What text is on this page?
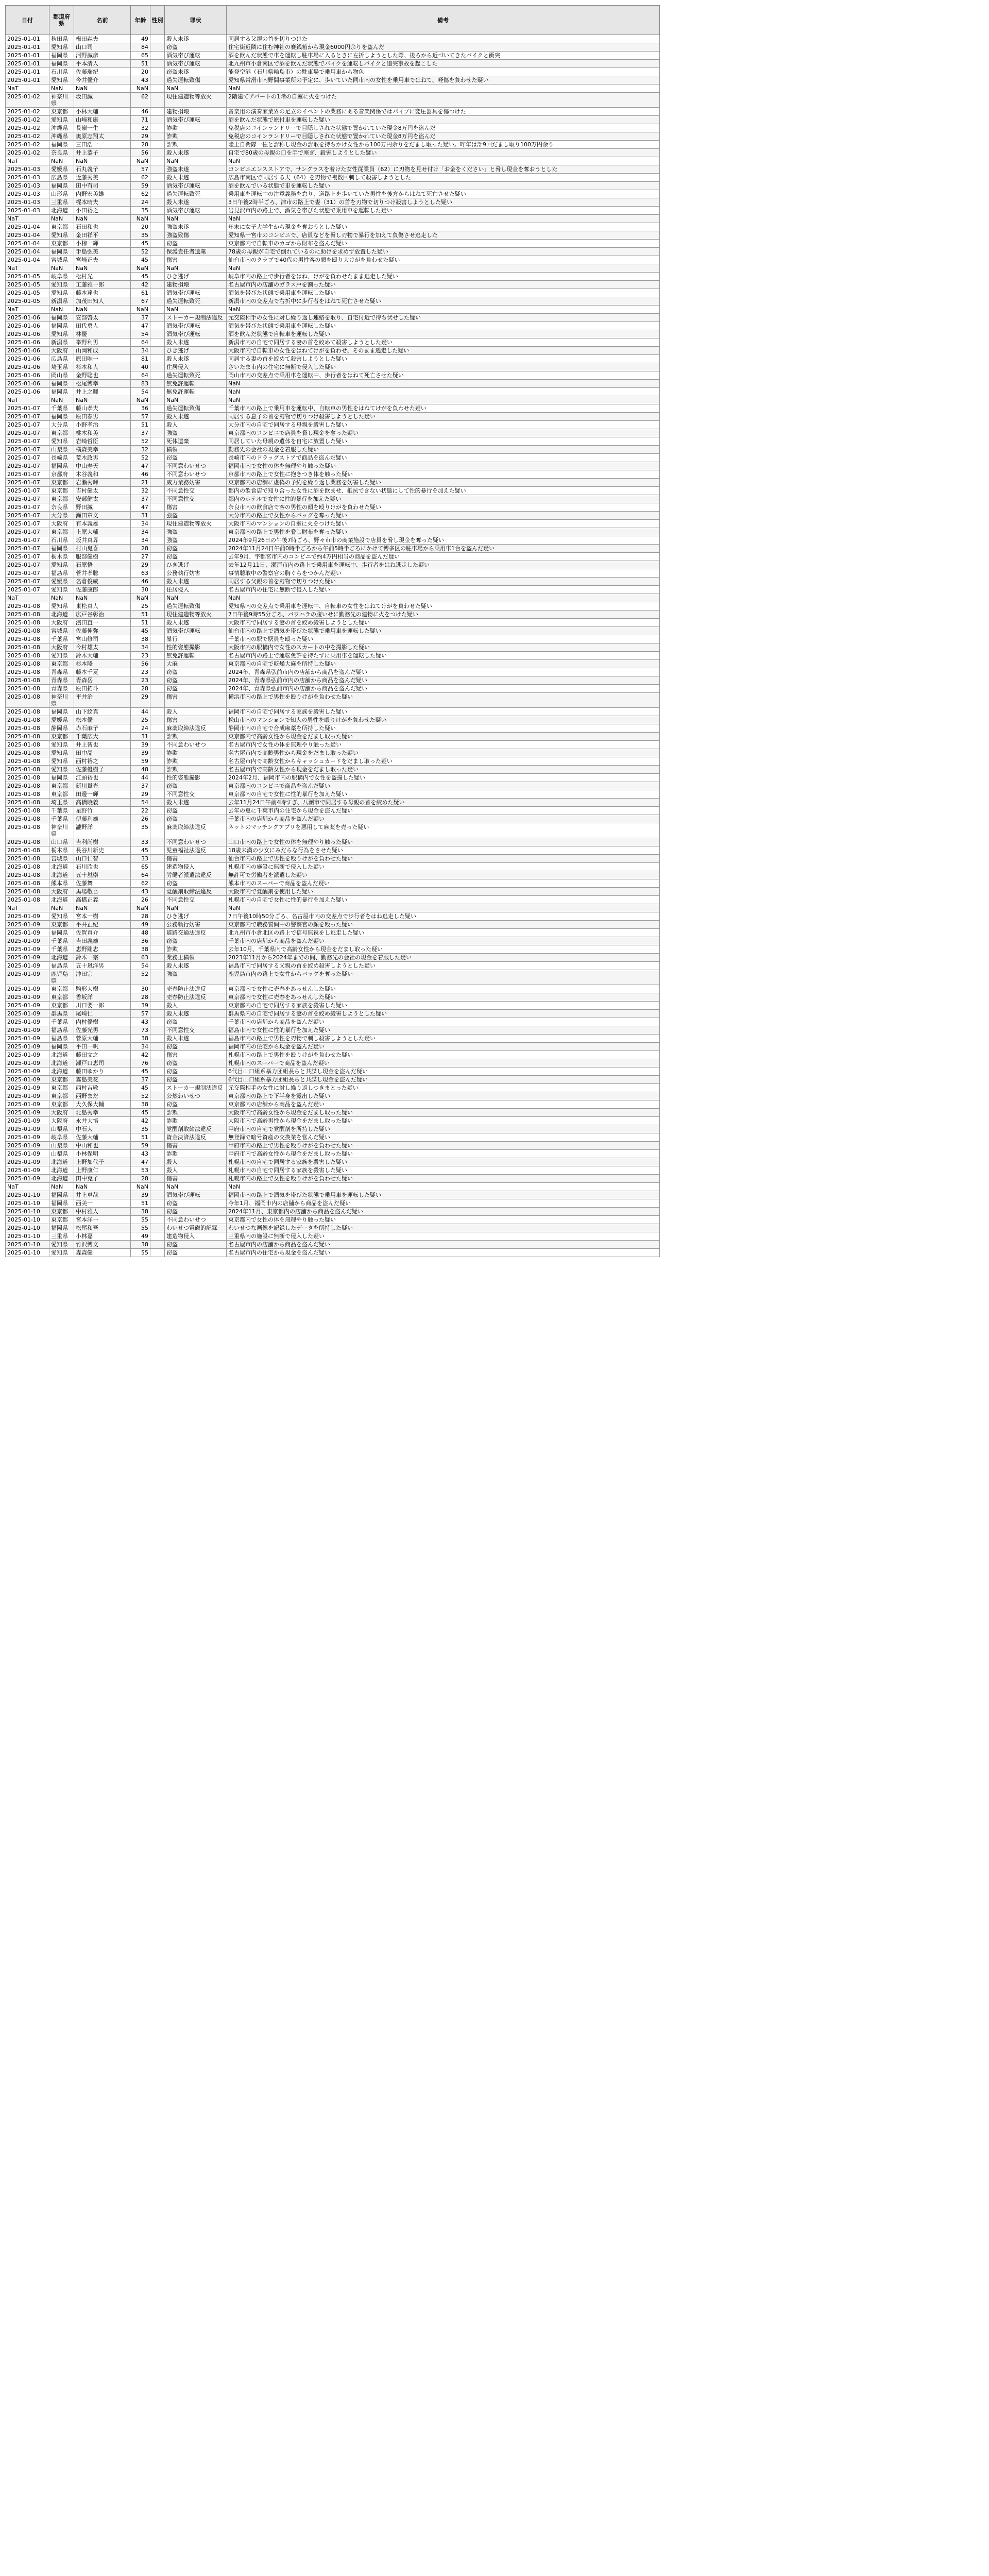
日付	都道府県	名前	年齢	性別	罪状	備考
2025-01-01	秋田県	梅田森夫	49		殺人未遂	同居する父親の首を切りつけた
2025-01-01	愛知県	山口司	84		窃盗	住宅街近隣に住む神社の賽銭箱から現金6000円余りを盗んだ
2025-01-01	福岡県	河野誠彦	65		酒気帯び運転	酒を飲んだ状態で車を運転し駐車場に入るときに左折しようとした際、後ろから近づいてきたバイクと衝突
2025-01-01	福岡県	平本清人	51		酒気帯び運転	北九州市小倉南区で酒を飲んだ状態でバイクを運転しバイクと追突事故を起こした
2025-01-01	石川県	佐藤瑞紀	20		窃盗未遂	能登空港（石川県輪島市）の駐車場で乗用車から物色
2025-01-01	愛知県	今井優介	43		過失運転致傷	愛知県常滑市内野間事業所の予定に、歩いていた同市内の女性を乗用車ではねて、軽傷を負わせた疑い
NaT	NaN	NaN	NaN		NaN	NaN
2025-01-02	神奈川県	坂田誠	62		現住建造物等放火	2階建てアパートの1階の自室に火をつけた
2025-01-02	東京都	小林大輔	46		建物損壊	音楽用の演奏家業界の足立のイベントの業務にある音楽関係ではパイプに変圧器具を傷つけた
2025-01-02	愛知県	山崎和康	71		酒気帯び運転	酒を飲んだ状態で原付車を運転した疑い
2025-01-02	沖縄県	長嶺一生	32		詐欺	免税店のコインランドリーで目隠しされた状態で置かれていた現金8万円を盗んだ
2025-01-02	沖縄県	奥原志翔太	29		詐欺	免税店のコインランドリーで目隠しされた状態で置かれていた現金8万円を盗んだ
2025-01-02	福岡県	三田浩一	28		詐欺	陸上自衛隊一佐と詐称し現金の詐取を持ちかけ女性から100万円余りをだまし取った疑い。昨年は計9回だまし取り100万円余り
2025-01-02	奈良県	井上恭子	56		殺人未遂	自宅で80歳の母親の口を手で塞ぎ、殺害しようとした疑い
NaT	NaN	NaN	NaN		NaN	NaN
2025-01-03	愛媛県	石丸義子	57		強盗未遂	コンビニエンスストアで、サングラスを着けた女性従業員（62）に刃物を見せ付け「お金をください」と脅し現金を奪おうとした
2025-01-03	広島県	近藤秀美	62		殺人未遂	広島市南区で同居する夫（64）を刃物で複数回刺して殺害しようとした
2025-01-03	福岡県	田中有司	59		酒気帯び運転	酒を飲んでいる状態で車を運転した疑い
2025-01-03	山形県	内野宏美雄	62		過失運転致死	乗用車を運転中の注意義務を怠り、道路上を歩いていた男性を後方からはねて死亡させた疑い
2025-01-03	三重県	梶本晴夫	24		殺人未遂	3日午後2時半ごろ、津市の路上で妻（31）の首を刃物で切りつけ殺害しようとした疑い
2025-01-03	北海道	小田裕之	35		酒気帯び運転	岩見沢市内の路上で、酒気を帯びた状態で乗用車を運転した疑い
NaT	NaN	NaN	NaN		NaN	NaN
2025-01-04	東京都	石田和也	20		強盗未遂	年末に女子大学生から現金を奪おうとした疑い
2025-01-04	愛知県	金田祥平	35		強盗致傷	愛知県一宮市のコンビニで、店員などを脅し刃物で暴行を加えて負傷させ逃走した
2025-01-04	東京都	小椋一輝	45		窃盗	東京都内で自転車のカゴから財布を盗んだ疑い
2025-01-04	福岡県	手島弘美	52		保護責任者遺棄	78歳の母親が自宅で倒れているのに助けを求めず放置した疑い
2025-01-04	宮城県	宮崎正夫	45		傷害	仙台市内のクラブで40代の男性客の顔を殴り大けがを負わせた疑い
NaT	NaN	NaN	NaN		NaN	NaN
2025-01-05	岐阜県	松村光	45		ひき逃げ	岐阜市内の路上で歩行者をはね、けがを負わせたまま逃走した疑い
2025-01-05	愛知県	工藤雅一郎	42		建物損壊	名古屋市内の店舗のガラス戸を割った疑い
2025-01-05	愛知県	藤本達也	61		酒気帯び運転	酒気を帯びた状態で乗用車を運転した疑い
2025-01-05	新潟県	加茂田知人	67		過失運転致死	新潟市内の交差点で右折中に歩行者をはねて死亡させた疑い
NaT	NaN	NaN	NaN		NaN	NaN
2025-01-06	福岡県	安部啓太	37		ストーカー規制法違反	元交際相手の女性に対し繰り返し連絡を取り、自宅付近で待ち伏せした疑い
2025-01-06	福岡県	田代勇人	47		酒気帯び運転	酒気を帯びた状態で乗用車を運転した疑い
2025-01-06	愛知県	林優	54		酒気帯び運転	酒を飲んだ状態で自転車を運転した疑い
2025-01-06	新潟県	峯野利男	64		殺人未遂	新潟市内の自宅で同居する妻の首を絞めて殺害しようとした疑い
2025-01-06	大阪府	山岡和成	34		ひき逃げ	大阪市内で自転車の女性をはねてけがを負わせ、そのまま逃走した疑い
2025-01-06	広島県	原田唯一	81		殺人未遂	同居する妻の首を絞めて殺害しようとした疑い
2025-01-06	埼玉県	杉本和人	40		住居侵入	さいたま市内の住宅に無断で侵入した疑い
2025-01-06	岡山県	金野聡也	64		過失運転致死	岡山市内の交差点で乗用車を運転中、歩行者をはねて死亡させた疑い
2025-01-06	福岡県	松尾博幸	83		無免許運転	NaN
2025-01-06	福岡県	井上之暉	54		無免許運転	NaN
NaT	NaN	NaN	NaN		NaN	NaN
2025-01-07	千葉県	藤山孝夫	36		過失運転致傷	千葉市内の路上で乗用車を運転中、自転車の男性をはねてけがを負わせた疑い
2025-01-07	福岡県	原田春男	57		殺人未遂	同居する息子の首を刃物で切りつけ殺害しようとした疑い
2025-01-07	大分県	小野孝治	51		殺人	大分市内の自宅で同居する母親を殺害した疑い
2025-01-07	東京都	桃木和美	37		強盗	東京都内のコンビニで店員を脅し現金を奪った疑い
2025-01-07	愛知県	岩崎哲臣	52		死体遺棄	同居していた母親の遺体を自宅に放置した疑い
2025-01-07	山梨県	横森美幸	32		横領	勤務先の会社の現金を着服した疑い
2025-01-07	長崎県	荒木政男	52		窃盗	長崎市内のドラッグストアで商品を盗んだ疑い
2025-01-07	福岡県	中山寿天	47		不同意わいせつ	福岡市内で女性の体を無理やり触った疑い
2025-01-07	京都府	木谷義和	46		不同意わいせつ	京都市内の路上で女性に抱きつき体を触った疑い
2025-01-07	東京都	岩瀬秀暉	21		威力業務妨害	東京都内の店舗に虚偽の予約を繰り返し業務を妨害した疑い
2025-01-07	東京都	吉村健太	32		不同意性交	都内の飲食店で知り合った女性に酒を飲ませ、抵抗できない状態にして性的暴行を加えた疑い
2025-01-07	東京都	安部健太	37		不同意性交	都内のホテルで女性に性的暴行を加えた疑い
2025-01-07	奈良県	野田誠	47		傷害	奈良市内の飲食店で客の男性の顔を殴りけがを負わせた疑い
2025-01-07	大分県	瀬田章文	31		強盗	大分市内の路上で女性からバッグを奪った疑い
2025-01-07	大阪府	有本義雄	34		現住建造物等放火	大阪市内のマンションの自室に火をつけた疑い
2025-01-07	東京都	上原大輔	34		強盗	東京都内の路上で男性を脅し財布を奪った疑い
2025-01-07	石川県	坂井真昇	34		強盗	2024年9月26日の午後7時ごろ、野々市市の商業施設で店員を脅し現金を奪った疑い
2025-01-07	福岡県	村山鬼喜	28		窃盗	2024年11月24日午前0時半ごろから午前5時半ごろにかけて博多区の駐車場から乗用車1台を盗んだ疑い
2025-01-07	栃木県	服部健樹	27		窃盗	去年9月、宇都宮市内のコンビニで約4万円相当の商品を盗んだ疑い
2025-01-07	愛知県	石原悟	29		ひき逃げ	去年12月11日、瀬戸市内の路上で乗用車を運転中、歩行者をはね逃走した疑い
2025-01-07	福島県	菅井孝聡	63		公務執行妨害	事情聴取中の警察官の胸ぐらをつかんだ疑い
2025-01-07	愛媛県	名倉俊威	46		殺人未遂	同居する父親の首を刃物で切りつけた疑い
2025-01-07	愛知県	佐藤康郎	30		住居侵入	名古屋市内の住宅に無断で侵入した疑い
NaT	NaN	NaN	NaN		NaN	NaN
2025-01-08	愛知県	東松真人	25		過失運転致傷	愛知県内の交差点で乗用車を運転中、自転車の女性をはねてけがを負わせた疑い
2025-01-08	北海道	広戸谷彰治	51		現住建造物等放火	7日午後9時55分ごろ、パワハラの腹いせに勤務先の建物に火をつけた疑い
2025-01-08	大阪府	濱田直一	51		殺人未遂	大阪市内で同居する妻の首を絞め殺害しようとした疑い
2025-01-08	宮城県	佐藤伸弥	45		酒気帯び運転	仙台市内の路上で酒気を帯びた状態で乗用車を運転した疑い
2025-01-08	千葉県	宮山修司	38		暴行	千葉市内の駅で駅員を殴った疑い
2025-01-08	大阪府	今村雄太	34		性的姿態撮影	大阪市内の駅構内で女性のスカートの中を撮影した疑い
2025-01-08	愛知県	鈴木大輔	23		無免許運転	名古屋市内の路上で運転免許を持たずに乗用車を運転した疑い
2025-01-08	東京都	杉本隆	56		大麻	東京都内の自宅で乾燥大麻を所持した疑い
2025-01-08	青森県	藤本千夏	23		窃盗	2024年、青森県弘前市内の店舗から商品を盗んだ疑い
2025-01-08	青森県	青森岳	23		窃盗	2024年、青森県弘前市内の店舗から商品を盗んだ疑い
2025-01-08	青森県	原田拓斗	28		窃盗	2024年、青森県弘前市内の店舗から商品を盗んだ疑い
2025-01-08	神奈川県	平井治	29		傷害	横浜市内の路上で男性を殴りけがを負わせた疑い
2025-01-08	福岡県	山下絵真	44		殺人	福岡市内の自宅で同居する家族を殺害した疑い
2025-01-08	愛媛県	松本優	25		傷害	松山市内のマンションで知人の男性を殴りけがを負わせた疑い
2025-01-08	静岡県	赤石麻子	24		麻薬取締法違反	静岡市内の自宅で合成麻薬を所持した疑い
2025-01-08	東京都	千葉広大	31		詐欺	東京都内で高齢女性から現金をだまし取った疑い
2025-01-08	愛知県	井上智也	39		不同意わいせつ	名古屋市内で女性の体を無理やり触った疑い
2025-01-08	愛知県	田中晶	39		詐欺	名古屋市内で高齢男性から現金をだまし取った疑い
2025-01-08	愛知県	西村裕之	59		詐欺	名古屋市内で高齢女性からキャッシュカードをだまし取った疑い
2025-01-08	愛知県	佐藤優樹子	48		詐欺	名古屋市内で高齢女性から現金をだまし取った疑い
2025-01-08	福岡県	江頭裕也	44		性的姿態撮影	2024年2月、福岡市内の駅構内で女性を盗撮した疑い
2025-01-08	東京都	新川貴光	37		窃盗	東京都内のコンビニで商品を盗んだ疑い
2025-01-08	東京都	田邊一輝	29		不同意性交	東京都内の自宅で女性に性的暴行を加えた疑い
2025-01-08	埼玉県	高橋暁義	54		殺人未遂	去年11月24日午前4時すぎ、八潮市で同居する母親の首を絞めた疑い
2025-01-08	千葉県	星野竹	22		窃盗	去年の夏に千葉市内の住宅から現金を盗んだ疑い
2025-01-08	千葉県	伊藤利雄	26		窃盗	千葉市内の店舗から商品を盗んだ疑い
2025-01-08	神奈川県	瀧野洋	35		麻薬取締法違反	ネットのマッチングアプリを悪用して麻薬を売った疑い
2025-01-08	山口県	吉利尚樹	33		不同意わいせつ	山口市内の路上で女性の体を無理やり触った疑い
2025-01-08	栃木県	長谷川新史	45		児童福祉法違反	18歳未満の少女にみだらな行為をさせた疑い
2025-01-08	宮城県	山口仁智	33		傷害	仙台市内の路上で男性を殴りけがを負わせた疑い
2025-01-08	北海道	石川欣也	65		建造物侵入	札幌市内の施設に無断で侵入した疑い
2025-01-08	北海道	五十嵐崇	64		労働者派遣法違反	無許可で労働者を派遣した疑い
2025-01-08	熊本県	佐藤舞	62		窃盗	熊本市内のスーパーで商品を盗んだ疑い
2025-01-08	大阪府	馬場敬吾	43		覚醒剤取締法違反	大阪市内で覚醒剤を使用した疑い
2025-01-08	北海道	高橋正義	26		不同意性交	札幌市内の自宅で女性に性的暴行を加えた疑い
NaT	NaN	NaN	NaN		NaN	NaN
2025-01-09	愛知県	宮本一樹	28		ひき逃げ	7日午後10時50分ごろ、名古屋市内の交差点で歩行者をはね逃走した疑い
2025-01-09	東京都	平井正紀	49		公務執行妨害	東京都内で職務質問中の警察官の顔を殴った疑い
2025-01-09	福岡県	佐賀真介	48		道路交通法違反	北九州市小倉北区の路上で信号無視をし逃走した疑い
2025-01-09	千葉県	吉田義雄	36		窃盗	千葉市内の店舗から商品を盗んだ疑い
2025-01-09	千葉県	恵野剛志	38		詐欺	去年10月、千葉県内で高齢女性から現金をだまし取った疑い
2025-01-09	北海道	鈴木一宗	63		業務上横領	2023年11月から2024年までの間、勤務先の会社の現金を着服した疑い
2025-01-09	福島県	五十嵐洋男	54		殺人未遂	福島市内で同居する父親の首を絞め殺害しようとした疑い
2025-01-09	鹿児島県	沖田宗	52		強盗	鹿児島市内の路上で女性からバッグを奪った疑い
2025-01-09	東京都	駒形大樹	30		売春防止法違反	東京都内で女性に売春をあっせんした疑い
2025-01-09	東京都	香坂洋	28		売春防止法違反	東京都内で女性に売春をあっせんした疑い
2025-01-09	東京都	川口要一郎	39		殺人	東京都内の自宅で同居する家族を殺害した疑い
2025-01-09	群馬県	尾崎仁	57		殺人未遂	群馬県内の自宅で同居する妻の首を絞め殺害しようとした疑い
2025-01-09	千葉県	内村優樹	43		窃盗	千葉市内の店舗から商品を盗んだ疑い
2025-01-09	福島県	佐藤光男	73		不同意性交	福島市内で女性に性的暴行を加えた疑い
2025-01-09	福島県	菅原大輔	38		殺人未遂	福島市内の路上で男性を刃物で刺し殺害しようとした疑い
2025-01-09	福岡県	平田一帆	34		窃盗	福岡市内の住宅から現金を盗んだ疑い
2025-01-09	北海道	藤田文之	42		傷害	札幌市内の路上で男性を殴りけがを負わせた疑い
2025-01-09	北海道	瀬戸口恵司	76		窃盗	札幌市内のスーパーで商品を盗んだ疑い
2025-01-09	北海道	藤田ゆかり	45		窃盗	6代目山口組系暴力団組長らと共謀し現金を盗んだ疑い
2025-01-09	東京都	霧島美花	37		窃盗	6代目山口組系暴力団組長らと共謀し現金を盗んだ疑い
2025-01-09	東京都	西村吉敏	45		ストーカー規制法違反	元交際相手の女性に対し繰り返しつきまとった疑い
2025-01-09	東京都	西野まだ	52		公然わいせつ	東京都内の路上で下半身を露出した疑い
2025-01-09	東京都	大久保大輔	38		窃盗	東京都内の店舗から商品を盗んだ疑い
2025-01-09	大阪府	北島秀幸	45		詐欺	大阪市内で高齢女性から現金をだまし取った疑い
2025-01-09	大阪府	永井大悟	42		詐欺	大阪市内で高齢男性から現金をだまし取った疑い
2025-01-09	山梨県	中石大	35		覚醒剤取締法違反	甲府市内の自宅で覚醒剤を所持した疑い
2025-01-09	岐阜県	佐藤大輔	51		資金決済法違反	無登録で暗号資産の交換業を営んだ疑い
2025-01-09	山梨県	中山和也	59		傷害	甲府市内の路上で男性を殴りけがを負わせた疑い
2025-01-09	山梨県	小林保明	43		詐欺	甲府市内で高齢女性から現金をだまし取った疑い
2025-01-09	北海道	上野加代子	47		殺人	札幌市内の自宅で同居する家族を殺害した疑い
2025-01-09	北海道	上野康仁	53		殺人	札幌市内の自宅で同居する家族を殺害した疑い
2025-01-09	北海道	田中克子	28		傷害	札幌市内の路上で女性を殴りけがを負わせた疑い
NaT	NaN	NaN	NaN		NaN	NaN
2025-01-10	福岡県	井上卓哉	39		酒気帯び運転	福岡市内の路上で酒気を帯びた状態で乗用車を運転した疑い
2025-01-10	福岡県	西美一	51		窃盗	今年1月、福岡市内の店舗から商品を盗んだ疑い
2025-01-10	東京都	中村雅人	38		窃盗	2024年11月、東京都内の店舗から商品を盗んだ疑い
2025-01-10	東京都	宮本洋一	55		不同意わいせつ	東京都内で女性の体を無理やり触った疑い
2025-01-10	福岡県	松尾和吾	55		わいせつ電磁的記録	わいせつな画像を記録したデータを所持した疑い
2025-01-10	三重県	小林嘉	49		建造物侵入	三重県内の施設に無断で侵入した疑い
2025-01-10	愛知県	竹沢博文	38		窃盗	名古屋市内の店舗から商品を盗んだ疑い
2025-01-10	愛知県	森森健	55		窃盗	名古屋市内の住宅から現金を盗んだ疑い
